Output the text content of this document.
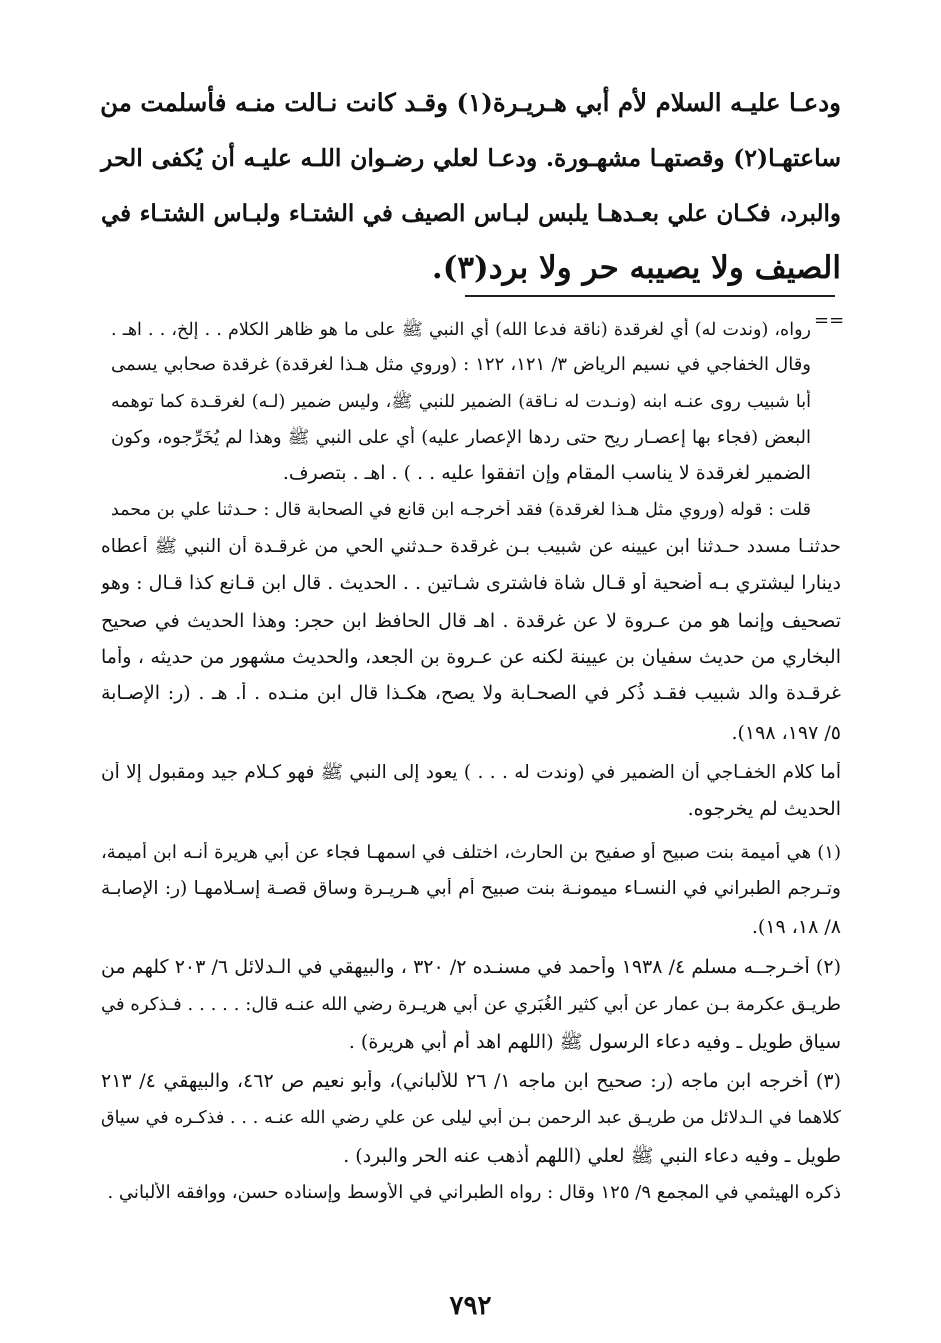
ودعـا عليـه السلام لأم أبي هـريـرة(١) وقـد كانت نـالت منـه فأسلمت من
ساعتهـا(٢) وقصتهـا مشهـورة. ودعـا لعلي رضـوان اللـه عليـه أن يُكفى الحر
والبرد، فكـان علي بعـدهـا يلبس لبـاس الصيف في الشتـاء ولبـاس الشتـاء في
الصيف ولا يصيبه حر ولا برد(٣).
==
رواه، (وندت له) أي لغرقدة (ناقة فدعا الله) أي النبي ﷺ على ما هو ظاهر الكلام . . إلخ، . . اهـ .
وقال الخفاجي في نسيم الرياض ٣/ ١٢١، ١٢٢ : (وروي مثل هـذا لغرقدة) غرقدة صحابي يسمى
أبا شبيب روى عنـه ابنه (ونـدت له نـاقة) الضمير للنبي ﷺ، وليس ضمير (لـه) لغرقـدة كما توهمه
البعض (فجاء بها إعصـار ريح حتى ردها الإعصار عليه) أي على النبي ﷺ وهذا لم يُخَرِّجوه، وكون
الضمير لغرقدة لا يناسب المقام وإن اتفقوا عليه . . ) . اهـ . بتصرف.
قلت : قوله (وروي مثل هـذا لغرقدة) فقد أخرجـه ابن قانع في الصحابة قال : حـدثنا علي بن محمد
حدثنـا مسدد حـدثنا ابن عيينه عن شبيب بـن غرقدة حـدثني الحي من غرقـدة أن النبي ﷺ أعطاه
دينارا ليشتري بـه أضحية أو قـال شاة فاشترى شـاتين . . الحديث . قال ابن قـانع كذا قـال : وهو
تصحيف وإنما هو من عـروة لا عن غرقدة . اهـ قال الحافظ ابن حجر: وهذا الحديث في صحيح
البخاري من حديث سفيان بن عيينة لكنه عن عـروة بن الجعد، والحديث مشهور من حديثه ، وأما
غرقـدة والد شبيب فقـد ذُكر في الصحـابة ولا يصح، هكـذا قال ابن منـده . أ. هـ . (ر: الإصـابة
٥/ ١٩٧، ١٩٨).
أما كلام الخفـاجي أن الضمير في (وندت له . . . ) يعود إلى النبي ﷺ فهو كـلام جيد ومقبول إلا أن
الحديث لم يخرجوه.
(١) هي أميمة بنت صبيح أو صفيح بن الحارث، اختلف في اسمهـا فجاء عن أبي هريرة أنـه ابن أميمة،
وتـرجم الطبراني في النسـاء ميمونـة بنت صبيح أم أبي هـريـرة وساق قصـة إسـلامهـا (ر: الإصابـة
٨/ ١٨، ١٩).
(٢) أخـرجــه مسلم ٤/ ١٩٣٨ وأحمد في مسنـده ٢/ ٣٢٠ ، والبيهقي في الـدلائل ٦/ ٢٠٣ كلهم من
طريـق عكرمة بـن عمار عن أبي كثير الغُبَري عن أبي هريـرة رضي الله عنـه قال: . . . . . فـذكره في
سياق طويل ـ وفيه دعاء الرسول ﷺ (اللهم اهد أم أبي هريرة) .
(٣) أخرجه ابن ماجه (ر: صحيح ابن ماجه ١/ ٢٦ للألباني)، وأبو نعيم ص ٤٦٢، والبيهقي ٤/ ٢١٣
كلاهما في الـدلائل من طريـق عبد الرحمن بـن أبي ليلى عن علي رضي الله عنـه . . . فذكـره في سياق
طويل ـ وفيه دعاء النبي ﷺ لعلي (اللهم أذهب عنه الحر والبرد) .
ذكره الهيثمي في المجمع ٩/ ١٢٥ وقال : رواه الطبراني في الأوسط وإسناده حسن، ووافقه الألباني .
٧٩٢
